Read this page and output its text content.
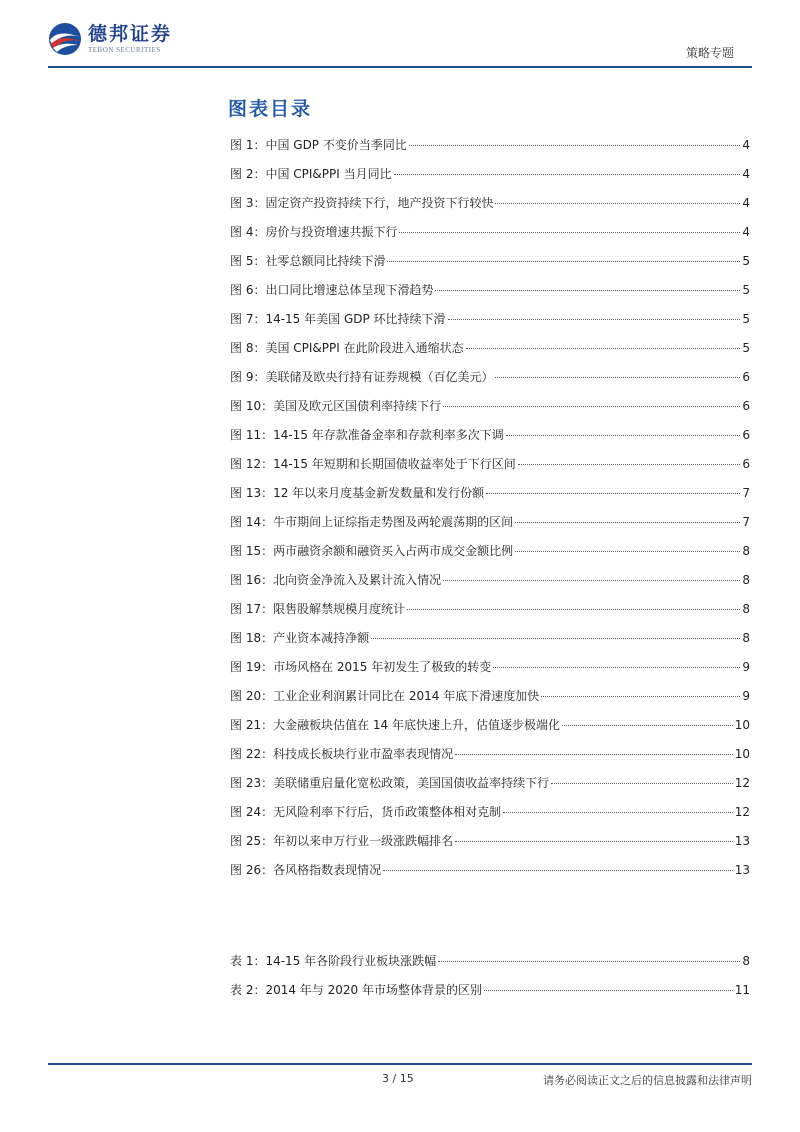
德邦证券
TEBON SECURITIES	策略专题
图表目录
图 1：中国 GDP 不变价当季同比	4
图 2：中国 CPI&PPI 当月同比	4
图 3：固定资产投资持续下行，地产投资下行较快	4
图 4：房价与投资增速共振下行	4
图 5：社零总额同比持续下滑	5
图 6：出口同比增速总体呈现下滑趋势	5
图 7：14-15 年美国 GDP 环比持续下滑	5
图 8：美国 CPI&PPI 在此阶段进入通缩状态	5
图 9：美联储及欧央行持有证券规模（百亿美元）	6
图 10：美国及欧元区国债利率持续下行	6
图 11：14-15 年存款准备金率和存款利率多次下调	6
图 12：14-15 年短期和长期国债收益率处于下行区间	6
图 13：12 年以来月度基金新发数量和发行份额	7
图 14：牛市期间上证综指走势图及两轮震荡期的区间	7
图 15：两市融资余额和融资买入占两市成交金额比例	8
图 16：北向资金净流入及累计流入情况	8
图 17：限售股解禁规模月度统计	8
图 18：产业资本减持净额	8
图 19：市场风格在 2015 年初发生了极致的转变	9
图 20：工业企业利润累计同比在 2014 年底下滑速度加快	9
图 21：大金融板块估值在 14 年底快速上升，估值逐步极端化	10
图 22：科技成长板块行业市盈率表现情况	10
图 23：美联储重启量化宽松政策，美国国债收益率持续下行	12
图 24：无风险利率下行后，货币政策整体相对克制	12
图 25：年初以来申万行业一级涨跌幅排名	13
图 26：各风格指数表现情况	13
表 1：14-15 年各阶段行业板块涨跌幅	8
表 2：2014 年与 2020 年市场整体背景的区别	11
3 / 15	请务必阅读正文之后的信息披露和法律声明
